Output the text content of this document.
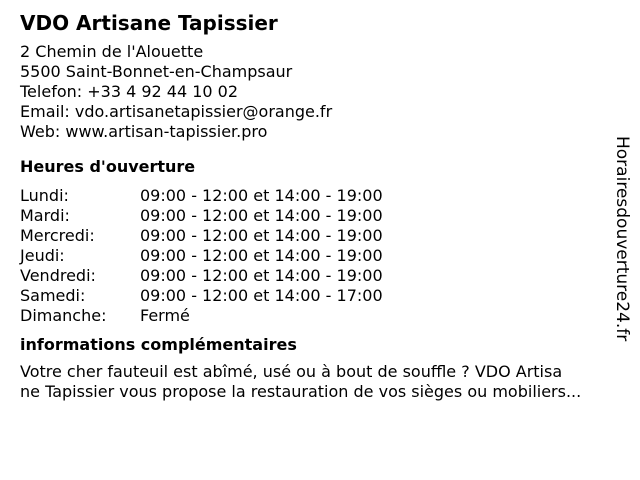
VDO Artisane Tapissier
2 Chemin de l'Alouette
5500 Saint-Bonnet-en-Champsaur
Telefon: +33 4 92 44 10 02
Email: vdo.artisanetapissier@orange.fr
Web: www.artisan-tapissier.pro
Heures d'ouverture
Lundi:	09:00 - 12:00 et 14:00 - 19:00
Mardi:	09:00 - 12:00 et 14:00 - 19:00
Mercredi:	09:00 - 12:00 et 14:00 - 19:00
Jeudi:	09:00 - 12:00 et 14:00 - 19:00
Vendredi:	09:00 - 12:00 et 14:00 - 19:00
Samedi:	09:00 - 12:00 et 14:00 - 17:00
Dimanche:	Fermé
informations complémentaires
Votre cher fauteuil est abîmé, usé ou à bout de souffle ? VDO Artisa
ne Tapissier vous propose la restauration de vos sièges ou mobiliers...
Horairesdouverture24.fr
